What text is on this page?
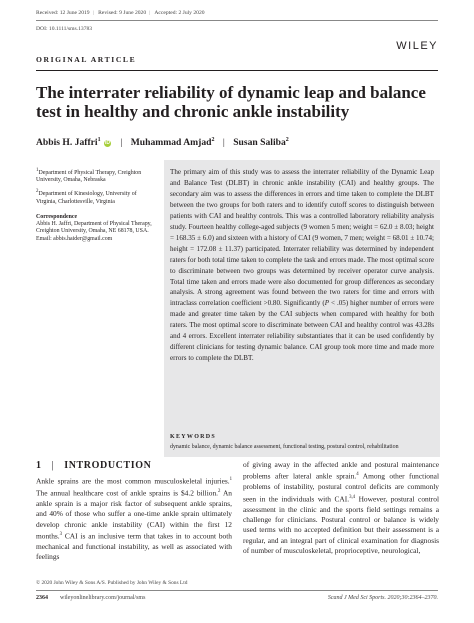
Received: 12 June 2019 | Revised: 9 June 2020 | Accepted: 2 July 2020
DOI: 10.1111/sms.13783
WILEY
ORIGINAL ARTICLE
The interrater reliability of dynamic leap and balance test in healthy and chronic ankle instability
Abbis H. Jaffri$^1$ iD | Muhammad Amjad$^2$ | Susan Saliba$^2$
$^1$Department of Physical Therapy, Creighton University, Omaha, Nebraska
$^2$Department of Kinesiology, University of Virginia, Charlottesville, Virginia
Correspondence
Abbis H. Jaffri, Department of Physical Therapy, Creighton University, Omaha, NE 68178, USA.
Email: abbis.haider@gmail.com
The primary aim of this study was to assess the interrater reliability of the Dynamic Leap and Balance Test (DLBT) in chronic ankle instability (CAI) and healthy groups. The secondary aim was to assess the differences in errors and time taken to complete the DLBT between the two groups for both raters and to identify cutoff scores to distinguish between patients with CAI and healthy controls. This was a controlled laboratory reliability analysis study. Fourteen healthy college-aged subjects (9 women 5 men; weight = 62.0 ± 8.03; height = 168.35 ± 6.0) and sixteen with a history of CAI (9 women, 7 men; weight = 68.01 ± 10.74; height = 172.08 ± 11.37) participated. Interrater reliability was determined by independent raters for both total time taken to complete the task and errors made. The most optimal score to discriminate between two groups was determined by receiver operator curve analysis. Total time taken and errors made were also documented for group differences as secondary analysis. A strong agreement was found between the two raters for time and errors with intraclass correlation coefficient >0.80. Significantly (P < .05) higher number of errors were made and greater time taken by the CAI subjects when compared with healthy for both raters. The most optimal score to discriminate between CAI and healthy control was 43.28s and 4 errors. Excellent interrater reliability substantiates that it can be used confidently by different clinicians for testing dynamic balance. CAI group took more time and made more errors to complete the DLBT.
KEYWORDS
dynamic balance, dynamic balance assessment, functional testing, postural control, rehabilitation
1 | INTRODUCTION
Ankle sprains are the most common musculoskeletal injuries.$^1$ The annual healthcare cost of ankle sprains is $4.2 billion.$^2$ An ankle sprain is a major risk factor of subsequent ankle sprains, and 40% of those who suffer a one-time ankle sprain ultimately develop chronic ankle instability (CAI) within the first 12 months.$^3$ CAI is an inclusive term that takes in to account both mechanical and functional instability, as well as associated with feelings
of giving away in the affected ankle and postural maintenance problems after lateral ankle sprain.$^4$ Among other functional problems of instability, postural control deficits are commonly seen in the individuals with CAI.$^{3,4}$ However, postural control assessment in the clinic and the sports field settings remains a challenge for clinicians. Postural control or balance is widely used terms with no accepted definition but their assessment is a regular, and an integral part of clinical examination for diagnosis of number of musculoskeletal, proprioceptive, neurological,
© 2020 John Wiley & Sons A/S. Published by John Wiley & Sons Ltd
2364 wileyonlinelibrary.com/journal/sms	Scand J Med Sci Sports. 2020;30:2364–2370.
